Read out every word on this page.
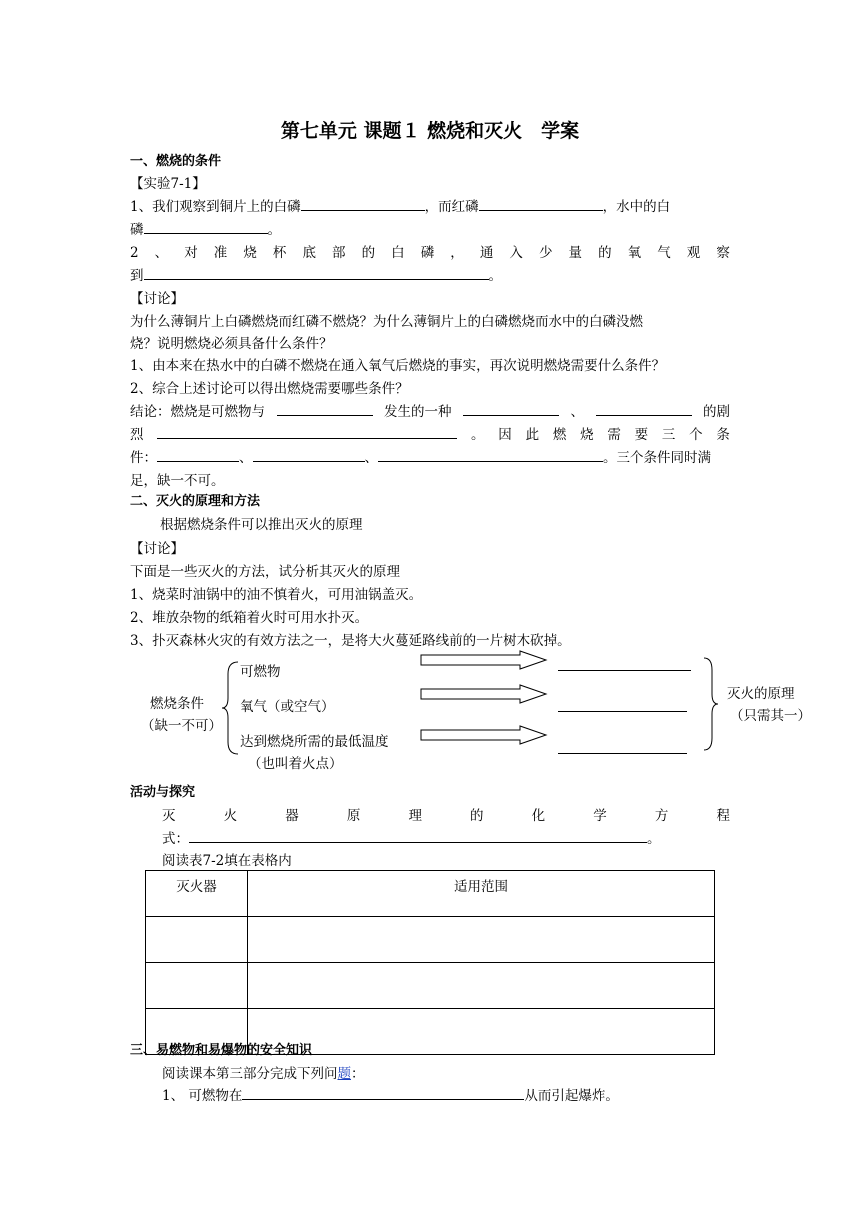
第七单元 课题１ 燃烧和灭火　学案
一、燃烧的条件
【实验7-1】
1、我们观察到铜片上的白磷	，而红磷	，水中的白
磷	。
2 、 对 准 烧 杯 底 部 的 白 磷 ， 通 入 少 量 的 氧 气 观 察
到	。
【讨论】
为什么薄铜片上白磷燃烧而红磷不燃烧？为什么薄铜片上的白磷燃烧而水中的白磷没燃
烧？说明燃烧必须具备什么条件？
1、由本来在热水中的白磷不燃烧在通入氧气后燃烧的事实，再次说明燃烧需要什么条件？
2、综合上述讨论可以得出燃烧需要哪些条件？
结论：燃烧是可燃物与	发生的一种	、	的剧
烈	。 因 此 燃 烧 需 要 三 个 条
件：	、	、	。三个条件同时满
足，缺一不可。
二、灭火的原理和方法
根据燃烧条件可以推出灭火的原理
【讨论】
下面是一些灭火的方法，试分析其灭火的原理
1、烧菜时油锅中的油不慎着火，可用油锅盖灭。
2、堆放杂物的纸箱着火时可用水扑灭。
3、扑灭森林火灾的有效方法之一，是将大火蔓延路线前的一片树木砍掉。
燃烧条件
（缺一不可）
可燃物
氧气（或空气）
达到燃烧所需的最低温度
（也叫着火点）
灭火的原理
（只需其一）
活动与探究
灭	火	器	原	理	的	化	学	方	程
式：	。
阅读表7-2填在表格内
灭火器	适用范围

三、易燃物和易爆物的安全知识
阅读课本第三部分完成下列问题：
1、 可燃物在	从而引起爆炸。
